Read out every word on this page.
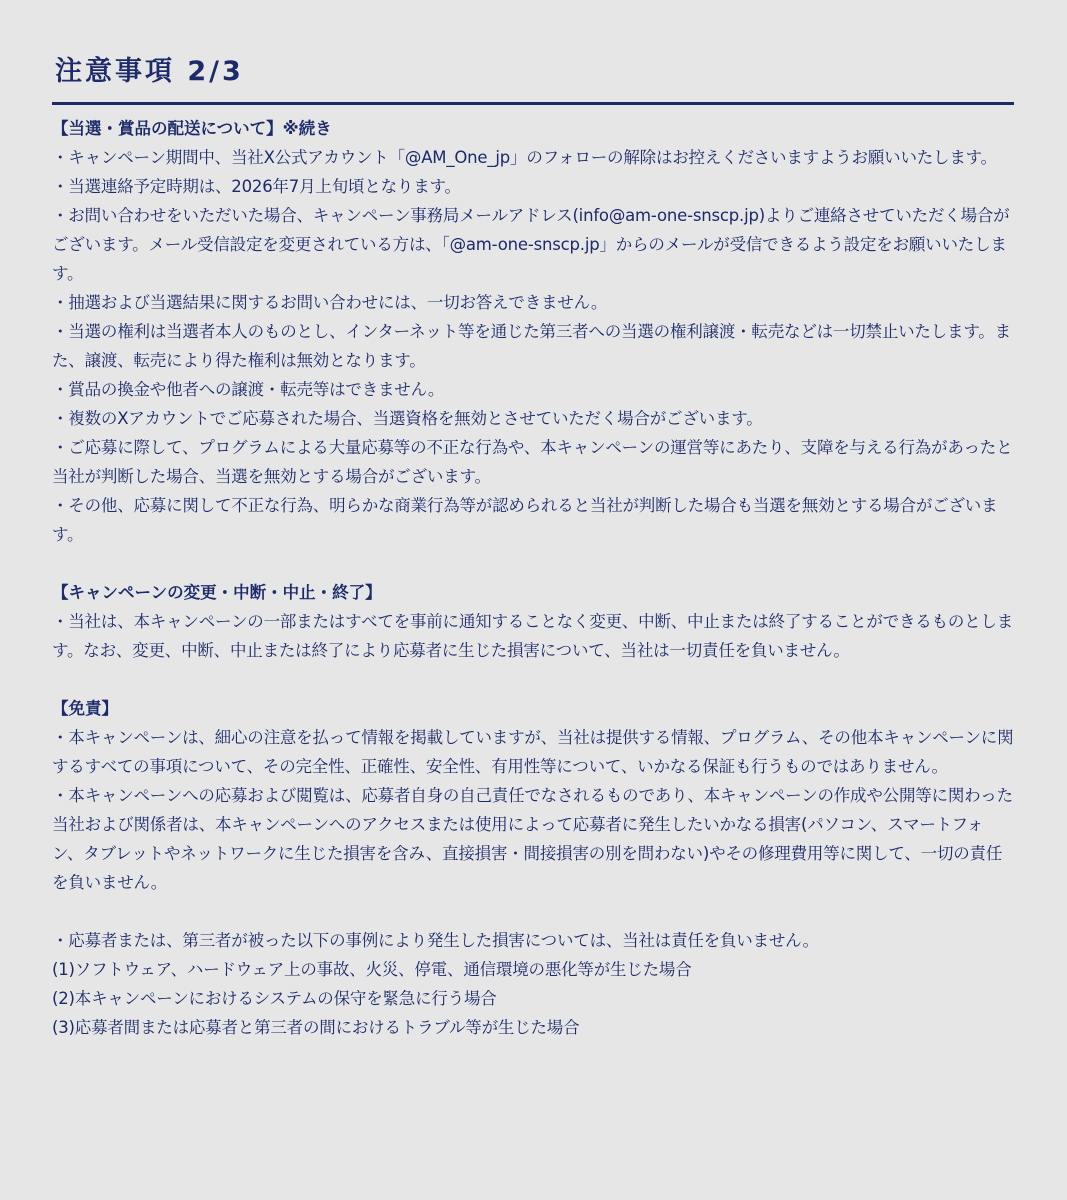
注意事項 2/3
【当選・賞品の配送について】※続き
・キャンペーン期間中、当社X公式アカウント「@AM_One_jp」のフォローの解除はお控えくださいますようお願いいたします。
・当選連絡予定時期は、2026年7月上旬頃となります。
・お問い合わせをいただいた場合、キャンペーン事務局メールアドレス(info@am-one-snscp.jp)よりご連絡させていただく場合がございます。メール受信設定を変更されている方は、「@am-one-snscp.jp」からのメールが受信できるよう設定をお願いいたします。
・抽選および当選結果に関するお問い合わせには、一切お答えできません。
・当選の権利は当選者本人のものとし、インターネット等を通じた第三者への当選の権利譲渡・転売などは一切禁止いたします。また、譲渡、転売により得た権利は無効となります。
・賞品の換金や他者への譲渡・転売等はできません。
・複数のXアカウントでご応募された場合、当選資格を無効とさせていただく場合がございます。
・ご応募に際して、プログラムによる大量応募等の不正な行為や、本キャンペーンの運営等にあたり、支障を与える行為があったと当社が判断した場合、当選を無効とする場合がございます。
・その他、応募に関して不正な行為、明らかな商業行為等が認められると当社が判断した場合も当選を無効とする場合がございます。
【キャンペーンの変更・中断・中止・終了】
・当社は、本キャンペーンの一部またはすべてを事前に通知することなく変更、中断、中止または終了することができるものとします。なお、変更、中断、中止または終了により応募者に生じた損害について、当社は一切責任を負いません。
【免責】
・本キャンペーンは、細心の注意を払って情報を掲載していますが、当社は提供する情報、プログラム、その他本キャンペーンに関するすべての事項について、その完全性、正確性、安全性、有用性等について、いかなる保証も行うものではありません。
・本キャンペーンへの応募および閲覧は、応募者自身の自己責任でなされるものであり、本キャンペーンの作成や公開等に関わった当社および関係者は、本キャンペーンへのアクセスまたは使用によって応募者に発生したいかなる損害(パソコン、スマートフォン、タブレットやネットワークに生じた損害を含み、直接損害・間接損害の別を問わない)やその修理費用等に関して、一切の責任を負いません。
・応募者または、第三者が被った以下の事例により発生した損害については、当社は責任を負いません。
(1)ソフトウェア、ハードウェア上の事故、火災、停電、通信環境の悪化等が生じた場合
(2)本キャンペーンにおけるシステムの保守を緊急に行う場合
(3)応募者間または応募者と第三者の間におけるトラブル等が生じた場合
